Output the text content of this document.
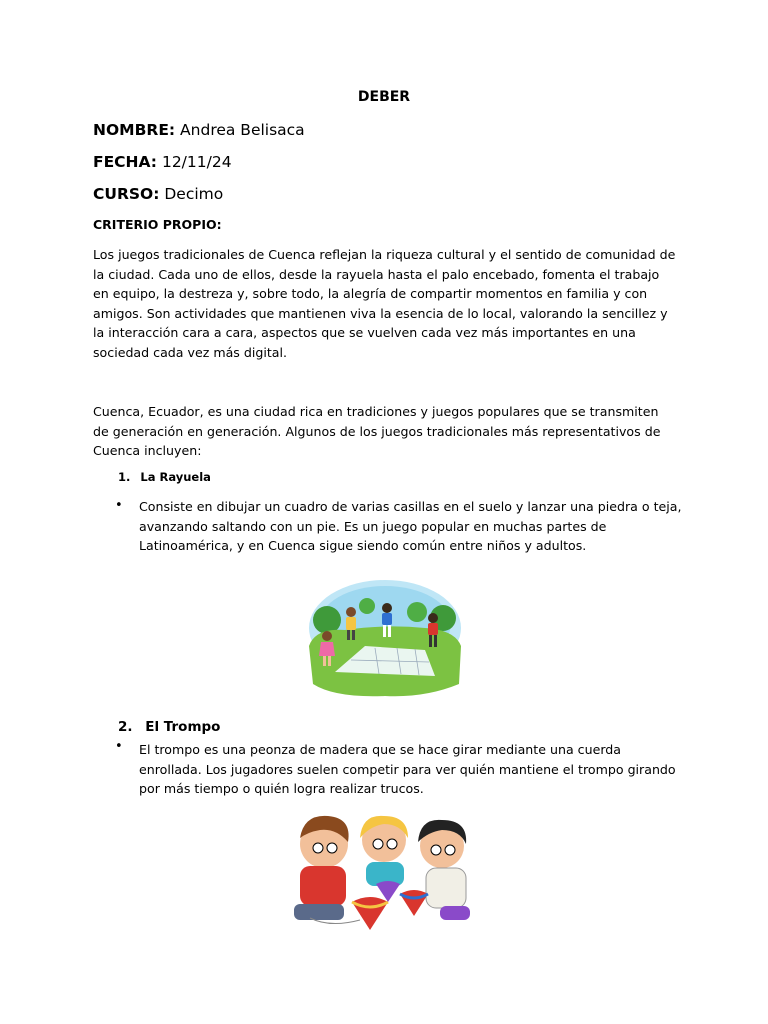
DEBER
NOMBRE: Andrea Belisaca
FECHA: 12/11/24
CURSO: Decimo
CRITERIO PROPIO:
Los juegos tradicionales de Cuenca reflejan la riqueza cultural y el sentido de comunidad de la ciudad. Cada uno de ellos, desde la rayuela hasta el palo encebado, fomenta el trabajo en equipo, la destreza y, sobre todo, la alegría de compartir momentos en familia y con amigos. Son actividades que mantienen viva la esencia de lo local, valorando la sencillez y la interacción cara a cara, aspectos que se vuelven cada vez más importantes en una sociedad cada vez más digital.
Cuenca, Ecuador, es una ciudad rica en tradiciones y juegos populares que se transmiten de generación en generación. Algunos de los juegos tradicionales más representativos de Cuenca incluyen:
1. La Rayuela
• Consiste en dibujar un cuadro de varias casillas en el suelo y lanzar una piedra o teja, avanzando saltando con un pie. Es un juego popular en muchas partes de Latinoamérica, y en Cuenca sigue siendo común entre niños y adultos.
2. El Trompo
• El trompo es una peonza de madera que se hace girar mediante una cuerda enrollada. Los jugadores suelen competir para ver quién mantiene el trompo girando por más tiempo o quién logra realizar trucos.
